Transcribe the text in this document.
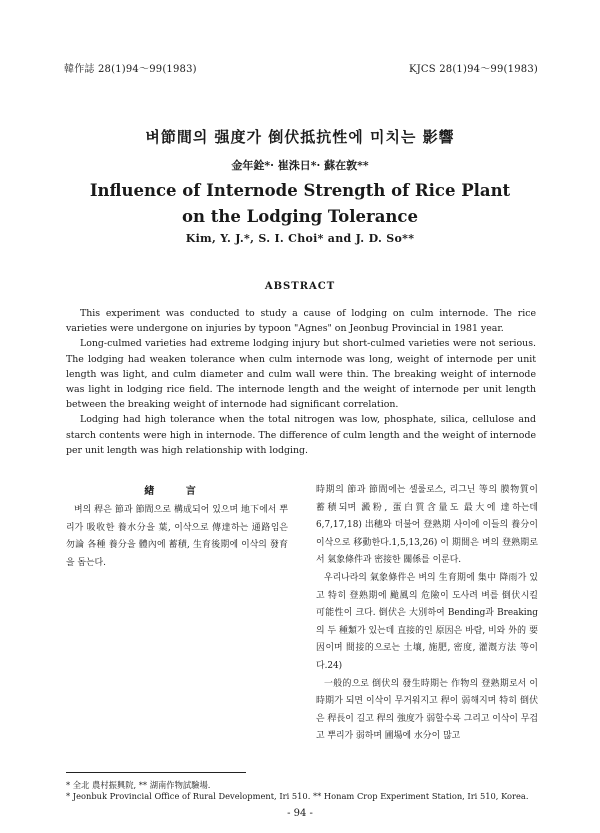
韓作誌 28(1)94～99(1983)	KJCS 28(1)94～99(1983)
벼節間의 强度가 倒伏抵抗性에 미치는 影響
金年銓*· 崔洙日*· 蘇在敦**
Influence of Internode Strength of Rice Plant
on the Lodging Tolerance
Kim, Y. J.*, S. I. Choi* and J. D. So**
ABSTRACT

This experiment was conducted to study a cause of lodging on culm internode. The rice varieties were undergone on injuries by typoon "Agnes" on Jeonbug Provincial in 1981 year.

Long-culmed varieties had extreme lodging injury but short-culmed varieties were not serious. The lodging had weaken tolerance when culm internode was long, weight of internode per unit length was light, and culm diameter and culm wall were thin. The breaking weight of internode was light in lodging rice field. The internode length and the weight of internode per unit length between the breaking weight of internode had significant correlation.

Lodging had high tolerance when the total nitrogen was low, phosphate, silica, cellulose and starch contents were high in internode. The difference of culm length and the weight of internode per unit length was high relationship with lodging.

緖 言

벼의 稈은 節과 節間으로 構成되어 있으며 地下에서 뿌리가 吸收한 養水分을 葉, 이삭으로 傳達하는 通路임은 勿論 各種 養分을 體內에 蓄積, 生育後期에 이삭의 發育을 돕는다.

時期의 節과 節間에는 셀룰로스, 리그닌 等의 膜物質이 蓄積되며 澱粉, 蛋白質含量도 最大에 達하는데6,7,17,18) 出穗와 더불어 登熟期 사이에 이들의 養分이 이삭으로 移動한다.1,5,13,26) 이 期間은 벼의 登熟期로서 氣象條件과 密接한 關係를 이룬다.

우리나라의 氣象條件은 벼의 生育期에 集中 降雨가 있고 特히 登熟期에 颱風의 危險이 도사려 벼를 倒伏시킬 可能性이 크다. 倒伏은 大別하여 Bending과 Breaking의 두 種類가 있는데 直接的인 原因은 바람, 비와 外的 要因이며 間接的으로는 土壤, 施肥, 密度, 灌漑方法 等이다.24)

一般的으로 倒伏의 發生時期는 作物의 登熟期로서 이 時期가 되면 이삭이 무거워지고 稈이 弱해지며 特히 倒伏은 稈長이 길고 稈의 強度가 弱할수록 그리고 이삭이 무겁고 뿌리가 弱하며 圃場에 水分이 많고

* 全北 農村振興院, ** 湖南作物試驗場.
* Jeonbuk Provincial Office of Rural Development, Iri 510. ** Honam Crop Experiment Station, Iri 510, Korea.
- 94 -
